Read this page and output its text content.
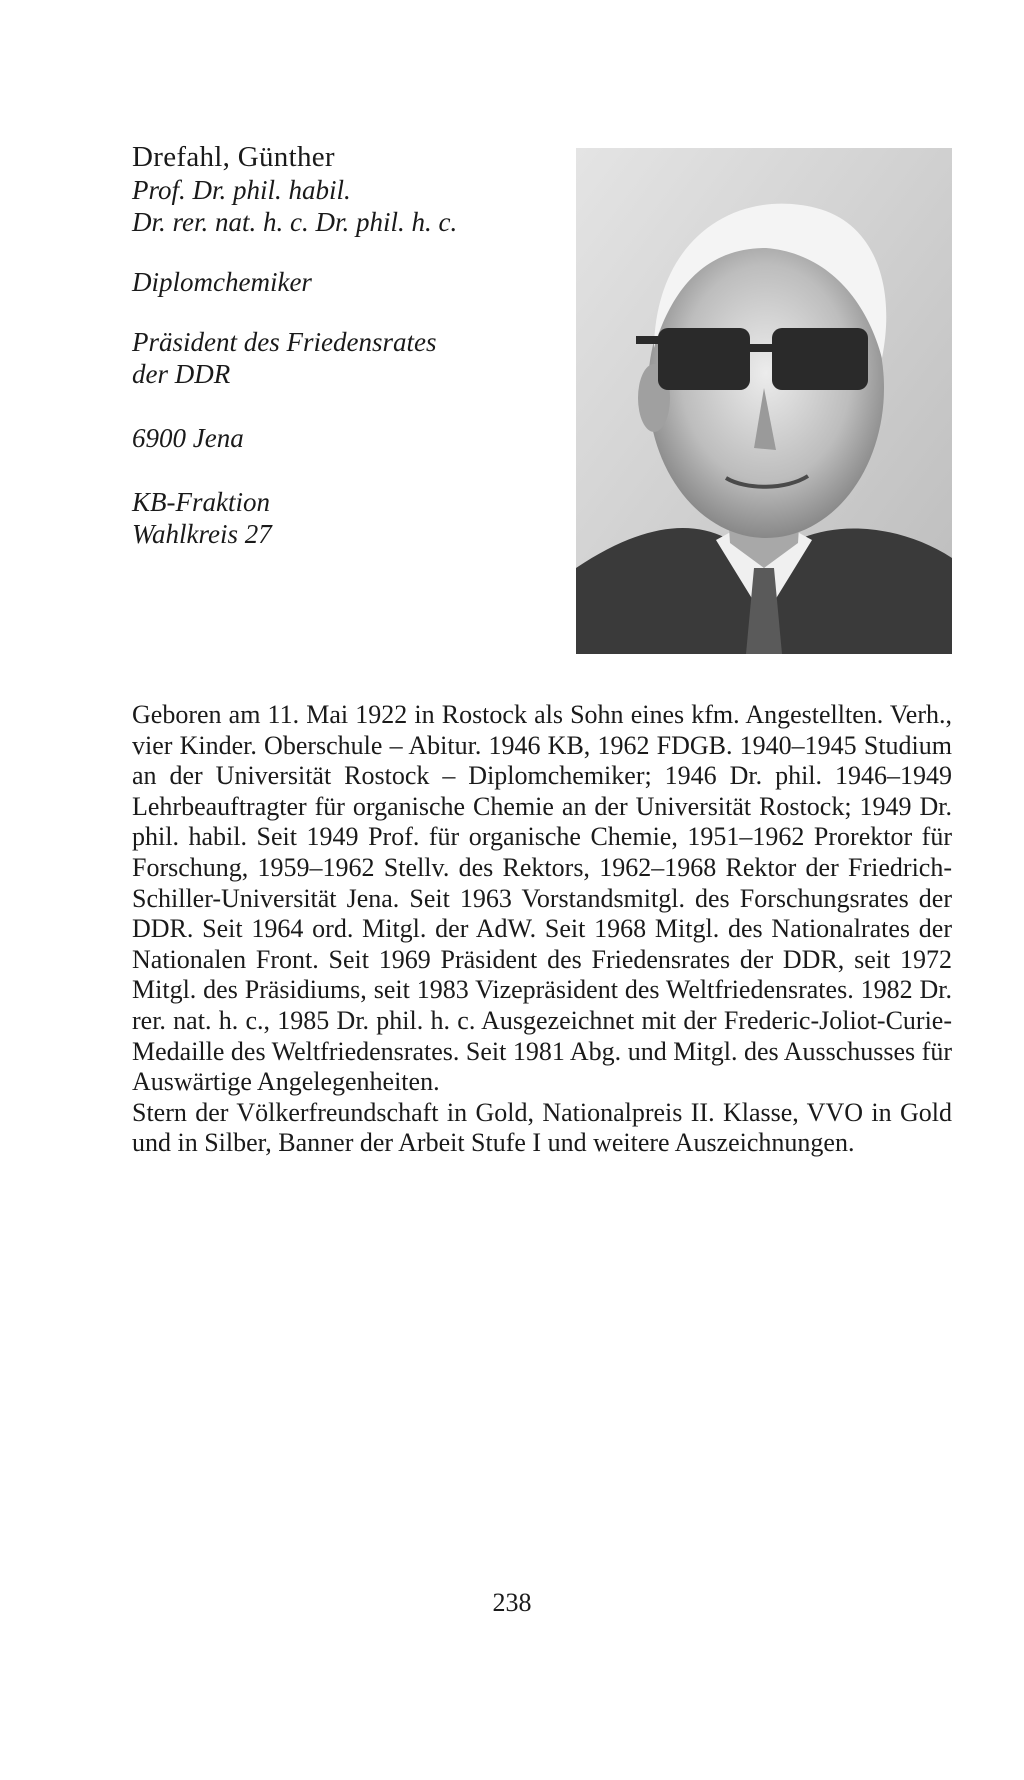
Drefahl, Günther
Prof. Dr. phil. habil.
Dr. rer. nat. h. c. Dr. phil. h. c.
Diplomchemiker
Präsident des Friedensrates
der DDR
6900 Jena
KB-Fraktion
Wahlkreis 27

Geboren am 11. Mai 1922 in Rostock als Sohn eines kfm. Angestellten. Verh., vier Kinder. Oberschule – Abitur. 1946 KB, 1962 FDGB. 1940–1945 Studium an der Universität Rostock – Diplomchemiker; 1946 Dr. phil. 1946–1949 Lehrbeauftragter für organische Chemie an der Universität Rostock; 1949 Dr. phil. habil. Seit 1949 Prof. für organische Chemie, 1951–1962 Prorektor für Forschung, 1959–1962 Stellv. des Rektors, 1962–1968 Rektor der Friedrich-Schiller-Universität Jena. Seit 1963 Vorstandsmitgl. des Forschungsrates der DDR. Seit 1964 ord. Mitgl. der AdW. Seit 1968 Mitgl. des Nationalrates der Nationalen Front. Seit 1969 Präsident des Friedensrates der DDR, seit 1972 Mitgl. des Präsidiums, seit 1983 Vizepräsident des Weltfriedensrates. 1982 Dr. rer. nat. h. c., 1985 Dr. phil. h. c. Ausgezeichnet mit der Frederic-Joliot-Curie-Medaille des Weltfriedensrates. Seit 1981 Abg. und Mitgl. des Ausschusses für Auswärtige Angelegenheiten.

Stern der Völkerfreundschaft in Gold, Nationalpreis II. Klasse, VVO in Gold und in Silber, Banner der Arbeit Stufe I und weitere Auszeichnungen.

238
